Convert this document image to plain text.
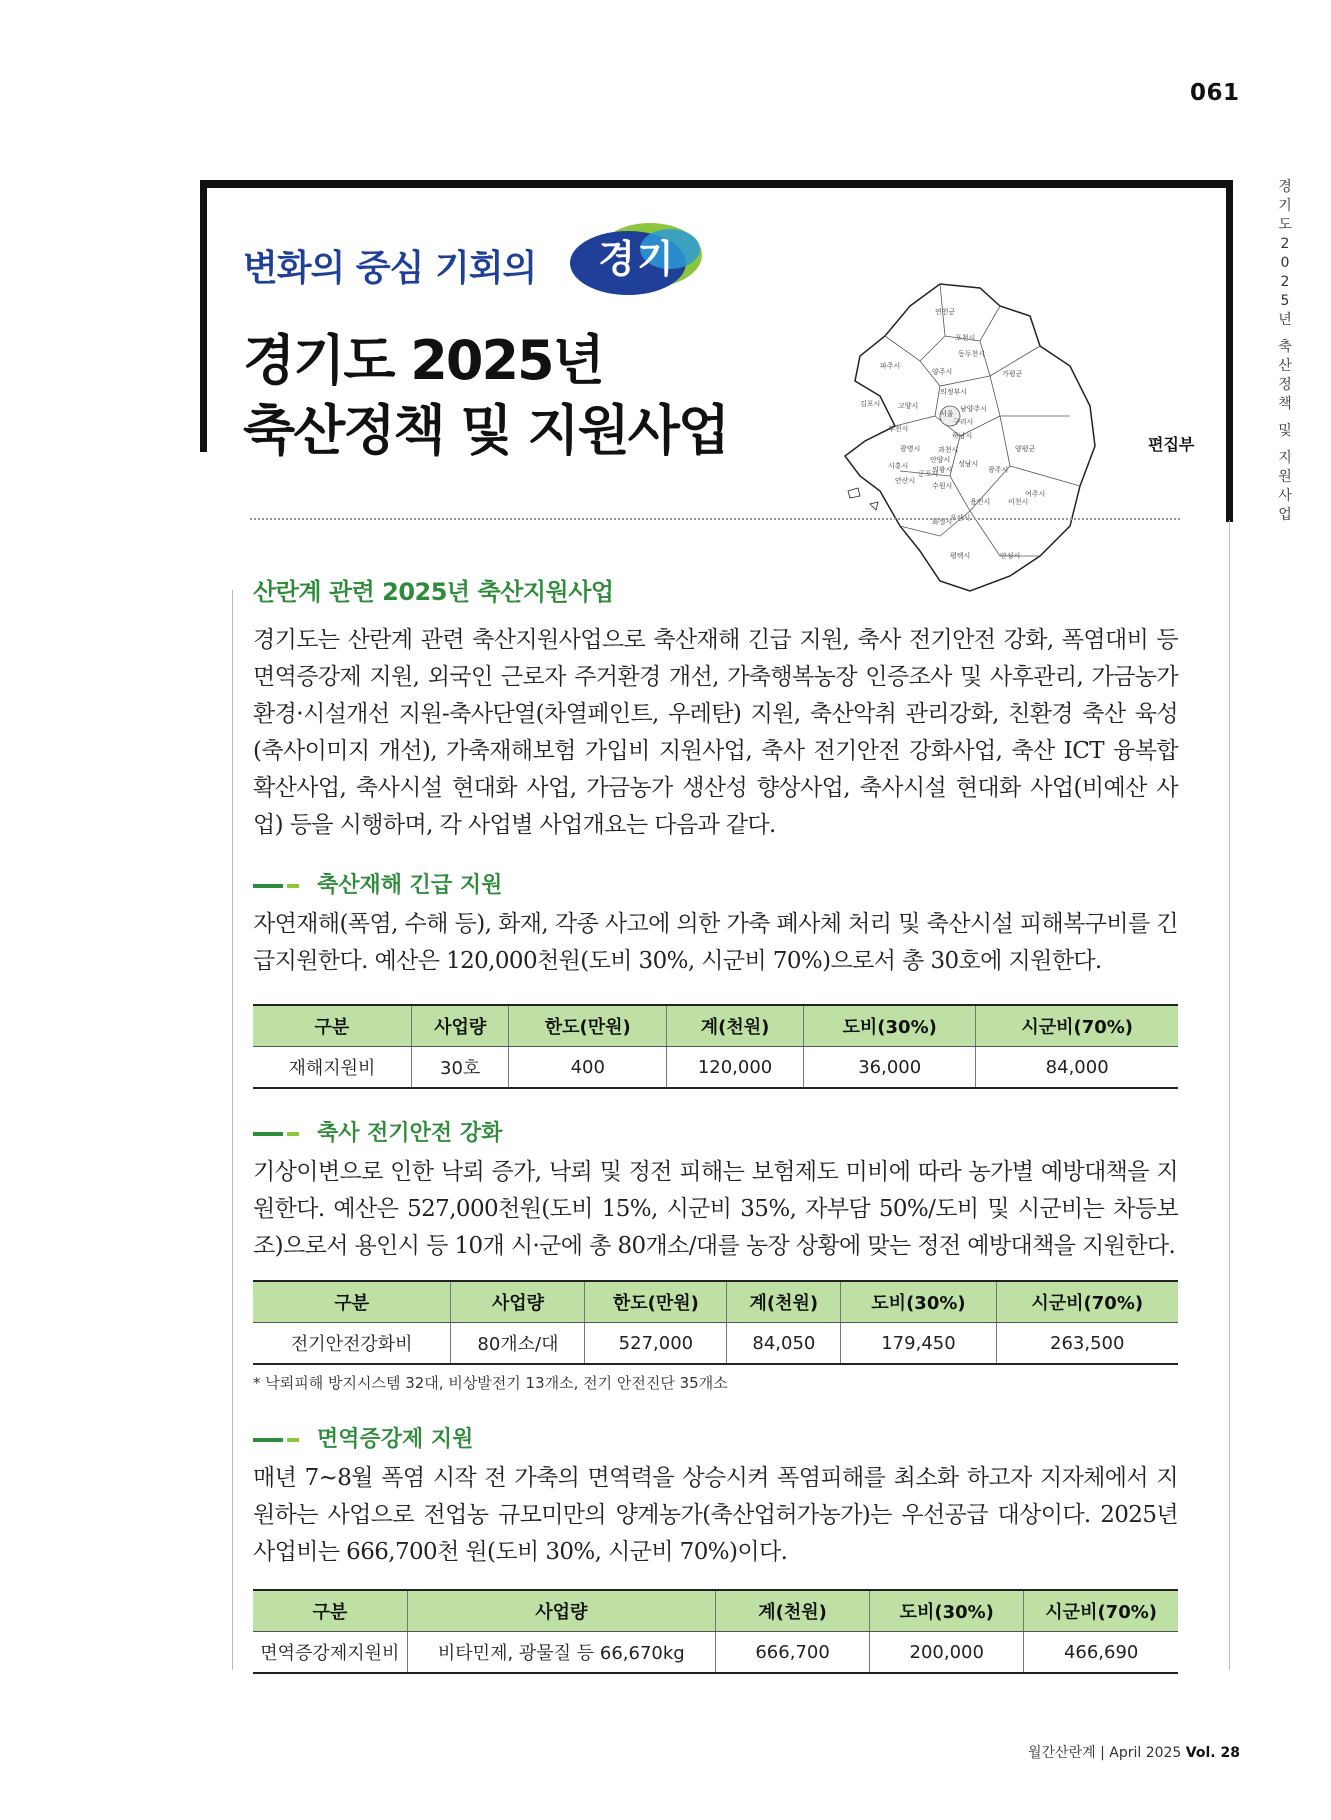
061
경
기
도
2
0
2
5
년
축
산
정
책
및
지
원
사
업
변화의 중심 기회의	경기
경기도 2025년
축산정책 및 지원사업
연천군
포천시
파주시
동두천시
양주시	가평군
김포시	고양시
의정부시
남양주시
구리시
하남시
양평군
부천시
서울
광명시
시흥시
안양시
과천시
성남시
광주시
안산시
군포시
의왕시
수원시
여주시
용인시	이천시
화성시
오산시
평택시	안성시
편집부
산란계 관련 2025년 축산지원사업
경기도는 산란계 관련 축산지원사업으로 축산재해 긴급 지원, 축사 전기안전 강화, 폭염대비 등 면역증강제 지원, 외국인 근로자 주거환경 개선, 가축행복농장 인증조사 및 사후관리, 가금농가 환경·시설개선 지원-축사단열(차열페인트, 우레탄) 지원, 축산악취 관리강화, 친환경 축산 육성(축사이미지 개선), 가축재해보험 가입비 지원사업, 축사 전기안전 강화사업, 축산 ICT 융복합 확산사업, 축사시설 현대화 사업, 가금농가 생산성 향상사업, 축사시설 현대화 사업(비예산 사업) 등을 시행하며, 각 사업별 사업개요는 다음과 같다.
축산재해 긴급 지원
자연재해(폭염, 수해 등), 화재, 각종 사고에 의한 가축 폐사체 처리 및 축산시설 피해복구비를 긴급지원한다. 예산은 120,000천원(도비 30%, 시군비 70%)으로서 총 30호에 지원한다.
구분	사업량	한도(만원)	계(천원)	도비(30%)	시군비(70%)
재해지원비	30호	400	120,000	36,000	84,000
축사 전기안전 강화
기상이변으로 인한 낙뢰 증가, 낙뢰 및 정전 피해는 보험제도 미비에 따라 농가별 예방대책을 지원한다. 예산은 527,000천원(도비 15%, 시군비 35%, 자부담 50%/도비 및 시군비는 차등보조)으로서 용인시 등 10개 시·군에 총 80개소/대를 농장 상황에 맞는 정전 예방대책을 지원한다.
구분	사업량	한도(만원)	계(천원)	도비(30%)	시군비(70%)
전기안전강화비	80개소/대	527,000	84,050	179,450	263,500
* 낙뢰피해 방지시스템 32대, 비상발전기 13개소, 전기 안전진단 35개소
면역증강제 지원
매년 7~8월 폭염 시작 전 가축의 면역력을 상승시켜 폭염피해를 최소화 하고자 지자체에서 지원하는 사업으로 전업농 규모미만의 양계농가(축산업허가농가)는 우선공급 대상이다. 2025년 사업비는 666,700천 원(도비 30%, 시군비 70%)이다.
구분	사업량	계(천원)	도비(30%)	시군비(70%)
면역증강제지원비	비타민제, 광물질 등 66,670kg	666,700	200,000	466,690
월간산란계 | April 2025 Vol. 28
